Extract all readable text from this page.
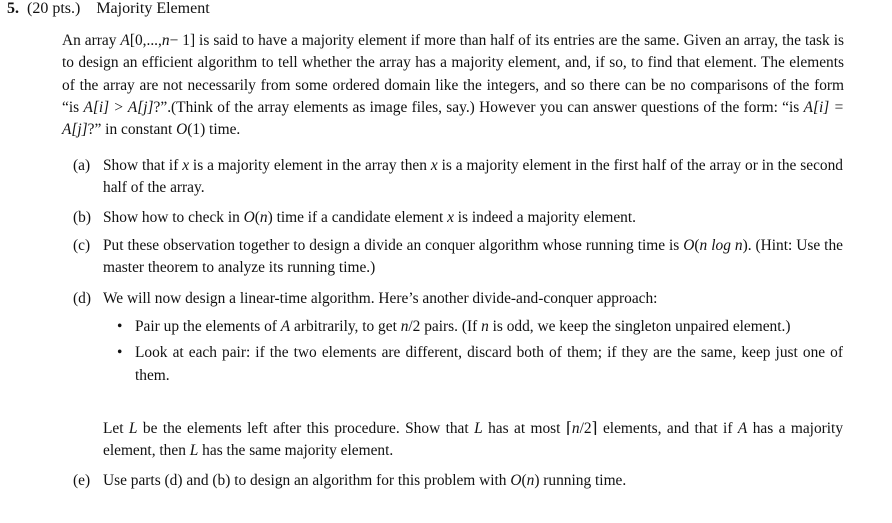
5. (20 pts.) Majority Element

An array A[0,...,n− 1] is said to have a majority element if more than half of its entries are the same. Given an array, the task is to design an efficient algorithm to tell whether the array has a majority element, and, if so, to find that element. The elements of the array are not necessarily from some ordered domain like the integers, and so there can be no comparisons of the form “is A[i] > A[j]?”.(Think of the array elements as image files, say.) However you can answer questions of the form: “is A[i] = A[j]?” in constant O(1) time.

(a) Show that if x is a majority element in the array then x is a majority element in the first half of the array or in the second half of the array.

(b) Show how to check in O(n) time if a candidate element x is indeed a majority element.

(c) Put these observation together to design a divide an conquer algorithm whose running time is O(n log n). (Hint: Use the master theorem to analyze its running time.)

(d) We will now design a linear-time algorithm. Here’s another divide-and-conquer approach:

• Pair up the elements of A arbitrarily, to get n/2 pairs. (If n is odd, we keep the singleton unpaired element.)
• Look at each pair: if the two elements are different, discard both of them; if they are the same, keep just one of them.

Let L be the elements left after this procedure. Show that L has at most ⌈n/2⌉ elements, and that if A has a majority element, then L has the same majority element.

(e) Use parts (d) and (b) to design an algorithm for this problem with O(n) running time.
